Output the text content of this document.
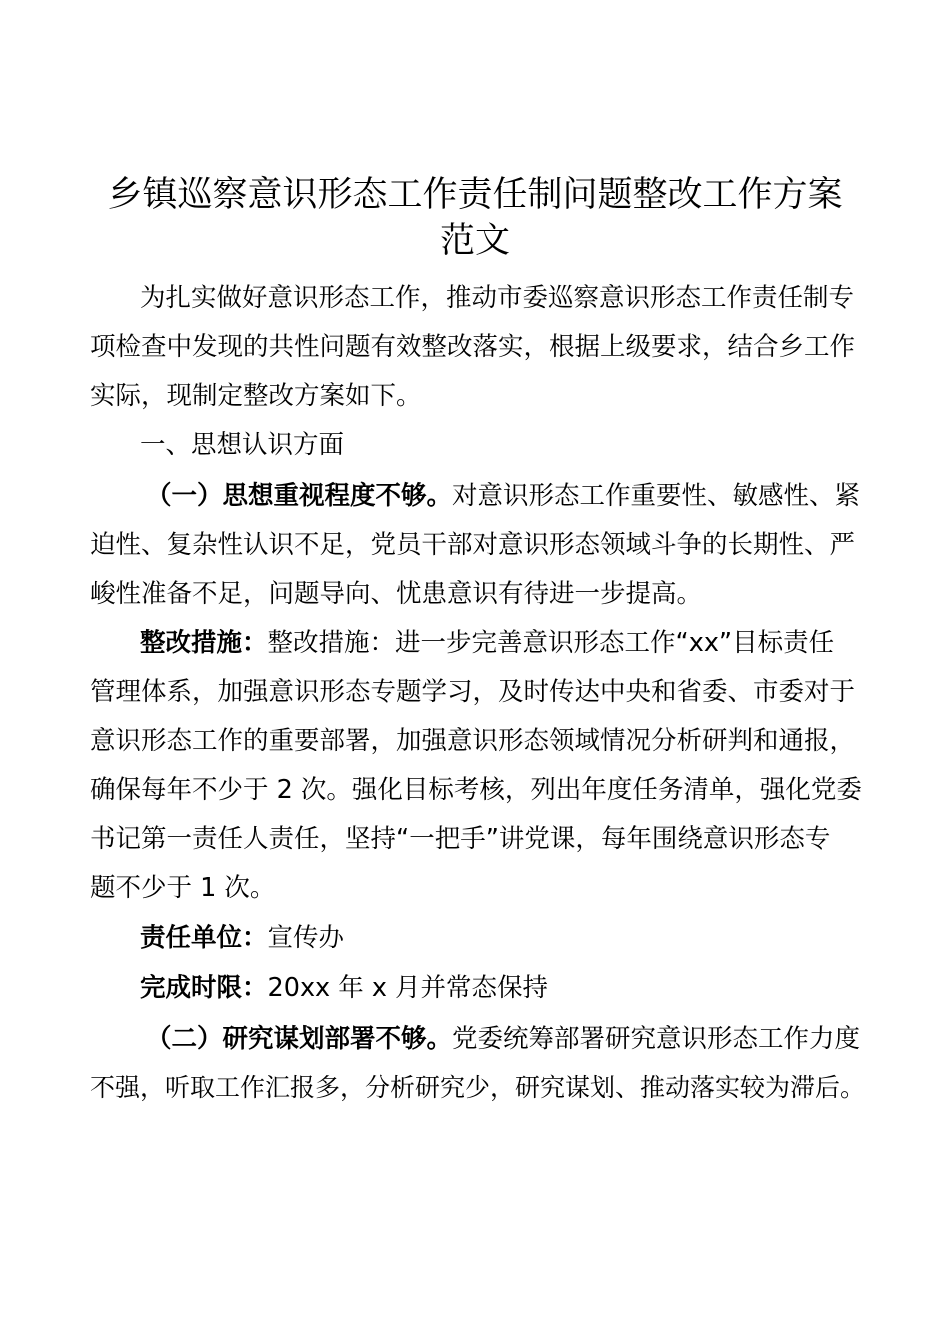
乡镇巡察意识形态工作责任制问题整改工作方案
范文
为扎实做好意识形态工作，推动市委巡察意识形态工作责任制专
项检查中发现的共性问题有效整改落实，根据上级要求，结合乡工作
实际，现制定整改方案如下。
一、思想认识方面
（一）思想重视程度不够。对意识形态工作重要性、敏感性、紧
迫性、复杂性认识不足，党员干部对意识形态领域斗争的长期性、严
峻性准备不足，问题导向、忧患意识有待进一步提高。
整改措施：整改措施：进一步完善意识形态工作“xx”目标责任
管理体系，加强意识形态专题学习，及时传达中央和省委、市委对于
意识形态工作的重要部署，加强意识形态领域情况分析研判和通报，
确保每年不少于 2 次。强化目标考核，列出年度任务清单，强化党委
书记第一责任人责任，坚持“一把手”讲党课，每年围绕意识形态专
题不少于 1 次。
责任单位：宣传办
完成时限：20xx 年 x 月并常态保持
（二）研究谋划部署不够。党委统筹部署研究意识形态工作力度
不强，听取工作汇报多，分析研究少，研究谋划、推动落实较为滞后。
